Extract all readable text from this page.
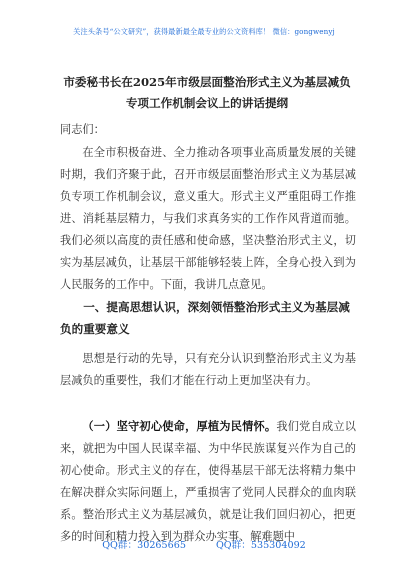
关注头条号“公文研究”，获得最新最全最专业的公文资料库！ 微信：gongwenyj
市委秘书长在2025年市级层面整治形式主义为基层减负专项工作机制会议上的讲话提纲
同志们：

在全市积极奋进、全力推动各项事业高质量发展的关键时期，我们齐聚于此，召开市级层面整治形式主义为基层减负专项工作机制会议，意义重大。形式主义严重阻碍工作推进、消耗基层精力，与我们求真务实的工作作风背道而驰。我们必须以高度的责任感和使命感，坚决整治形式主义，切实为基层减负，让基层干部能够轻装上阵，全身心投入到为人民服务的工作中。下面，我讲几点意见。

一、提高思想认识，深刻领悟整治形式主义为基层减负的重要意义

思想是行动的先导，只有充分认识到整治形式主义为基层减负的重要性，我们才能在行动上更加坚决有力。

（一）坚守初心使命，厚植为民情怀。我们党自成立以来，就把为中国人民谋幸福、为中华民族谋复兴作为自己的初心使命。形式主义的存在，使得基层干部无法将精力集中在解决群众实际问题上，严重损害了党同人民群众的血肉联系。整治形式主义为基层减负，就是让我们回归初心，把更多的时间和精力投入到为群众办实事、解难题中

QQ群：30265665	QQ群：535304092
